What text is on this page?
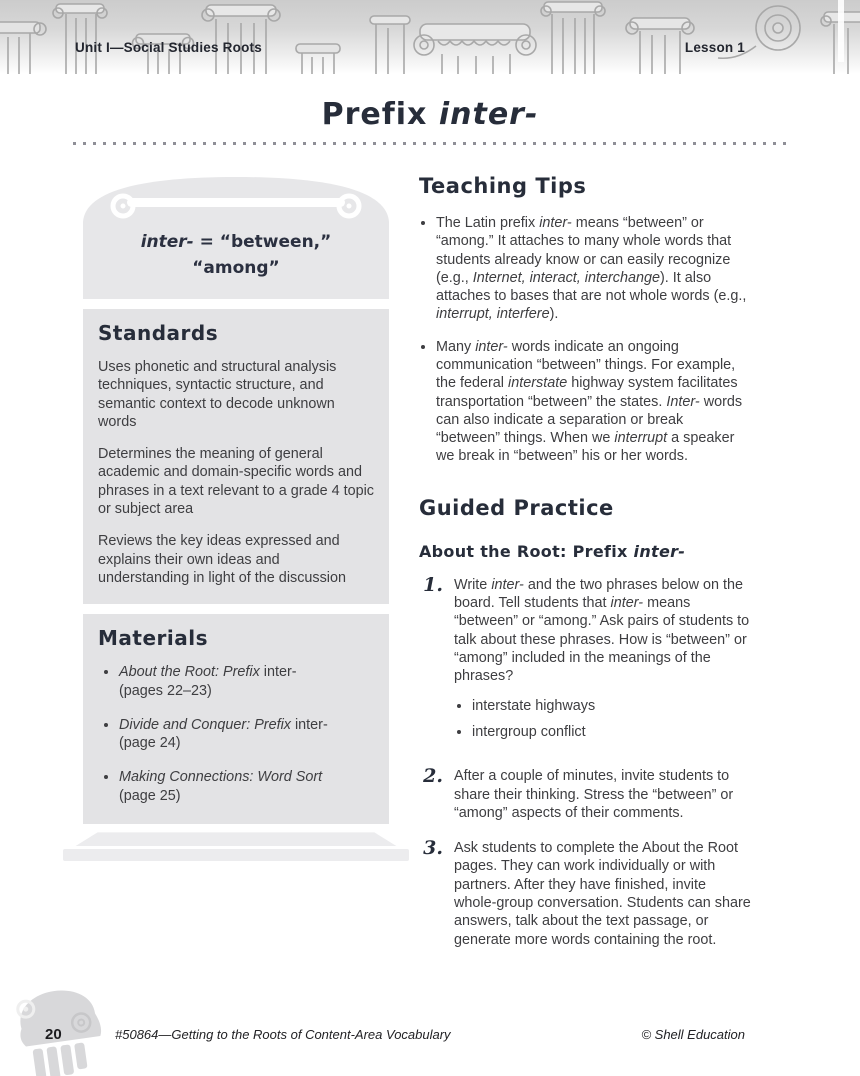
Unit I—Social Studies Roots	Lesson 1
Prefix inter-
inter- = “between,”
“among”
Standards

Uses phonetic and structural analysis techniques, syntactic structure, and semantic context to decode unknown words

Determines the meaning of general academic and domain-specific words and phrases in a text relevant to a grade 4 topic or subject area

Reviews the key ideas expressed and explains their own ideas and understanding in light of the discussion

Materials
• About the Root: Prefix inter-
(pages 22–23)
• Divide and Conquer: Prefix inter-
(page 24)
• Making Connections: Word Sort
(page 25)
Teaching Tips
• The Latin prefix inter- means “between” or “among.” It attaches to many whole words that students already know or can easily recognize (e.g., Internet, interact, interchange). It also attaches to bases that are not whole words (e.g., interrupt, interfere).
• Many inter- words indicate an ongoing communication “between” things. For example, the federal interstate highway system facilitates transportation “between” the states. Inter- words can also indicate a separation or break “between” things. When we interrupt a speaker we break in “between” his or her words.
Guided Practice
About the Root: Prefix inter-
1. Write inter- and the two phrases below on the board. Tell students that inter- means “between” or “among.” Ask pairs of students to talk about these phrases. How is “between” or “among” included in the meanings of the phrases?

• interstate highways
• intergroup conflict
2. After a couple of minutes, invite students to share their thinking. Stress the “between” or “among” aspects of their comments.

3. Ask students to complete the About the Root pages. They can work individually or with partners. After they have finished, invite whole-group conversation. Students can share answers, talk about the text passage, or generate more words containing the root.

20	#50864—Getting to the Roots of Content-Area Vocabulary	© Shell Education
